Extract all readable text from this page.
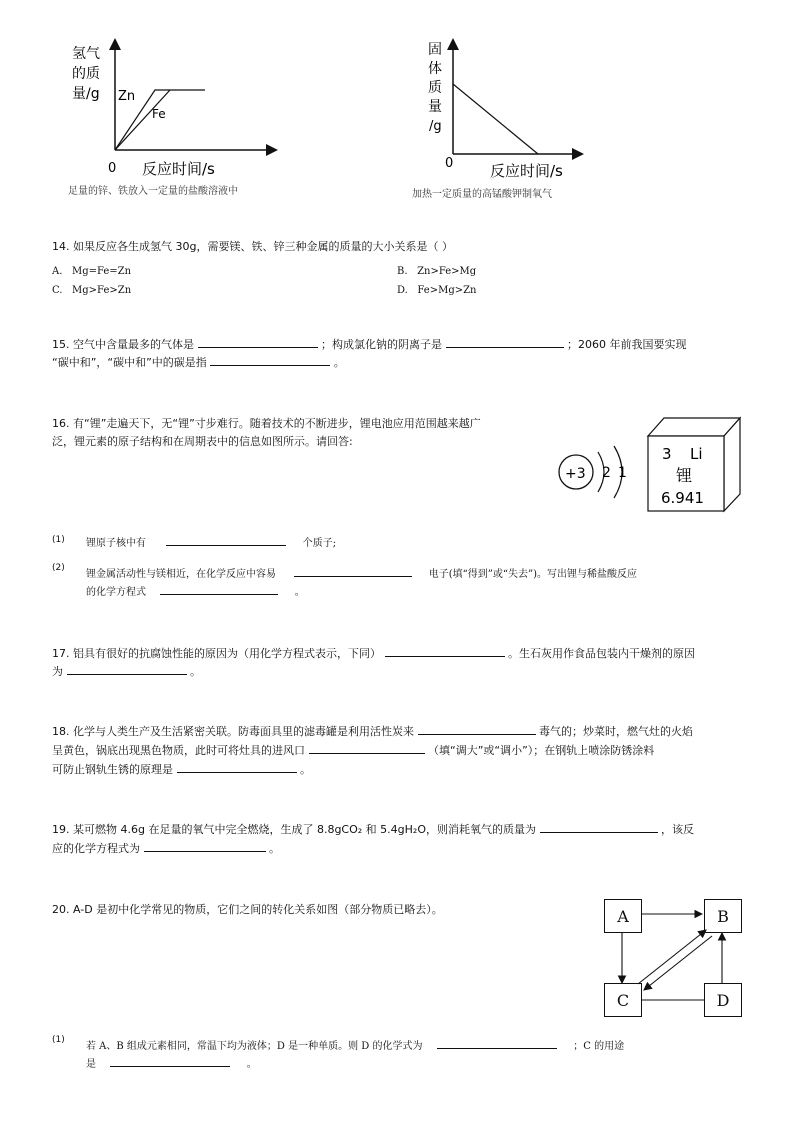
氢气
的质
量/g Zn
Fe
0 反应时间/s
足量的锌、铁放入一定量的盐酸溶液中
固
体
质
量
/g
0 反应时间/s
加热一定质量的高锰酸钾制氧气
14. 如果反应各生成氢气 30g，需要镁、铁、锌三种金属的质量的大小关系是（ ）
A. Mg=Fe=Zn	B. Zn>Fe>Mg
C. Mg>Fe>Zn	D. Fe>Mg>Zn
15. 空气中含量最多的气体是	；构成氯化钠的阴离子是	；2060 年前我国要实现
“碳中和”，“碳中和”中的碳是指	。
16. 有“锂”走遍天下，无“锂”寸步难行。随着技术的不断进步，锂电池应用范围越来越广
泛，锂元素的原子结构和在周期表中的信息如图所示。请回答:
+3 2 1
3 Li
锂
6.941
(1) 锂原子核中有	个质子;
(2)
锂金属活动性与镁相近，在化学反应中容易	电子(填“得到”或“失去”)。写出锂与稀盐酸反应
的化学方程式	。
17. 铝具有很好的抗腐蚀性能的原因为（用化学方程式表示，下同）	。生石灰用作食品包装内干燥剂的原因
为	。
18. 化学与人类生产及生活紧密关联。防毒面具里的滤毒罐是利用活性炭来	毒气的；炒菜时，燃气灶的火焰
呈黄色，锅底出现黑色物质，此时可将灶具的进风口	（填“调大”或“调小”）；在钢轨上喷涂防锈涂料
可防止钢轨生锈的原理是	。
19. 某可燃物 4.6g 在足量的氧气中完全燃烧，生成了 8.8gCO₂ 和 5.4gH₂O，则消耗氧气的质量为	，该反
应的化学方程式为	。
20. A-D 是初中化学常见的物质，它们之间的转化关系如图（部分物质已略去）。	A	B
C	D
(1)
若 A、B 组成元素相同，常温下均为液体；D 是一种单质。则 D 的化学式为	；C 的用途
是	。
